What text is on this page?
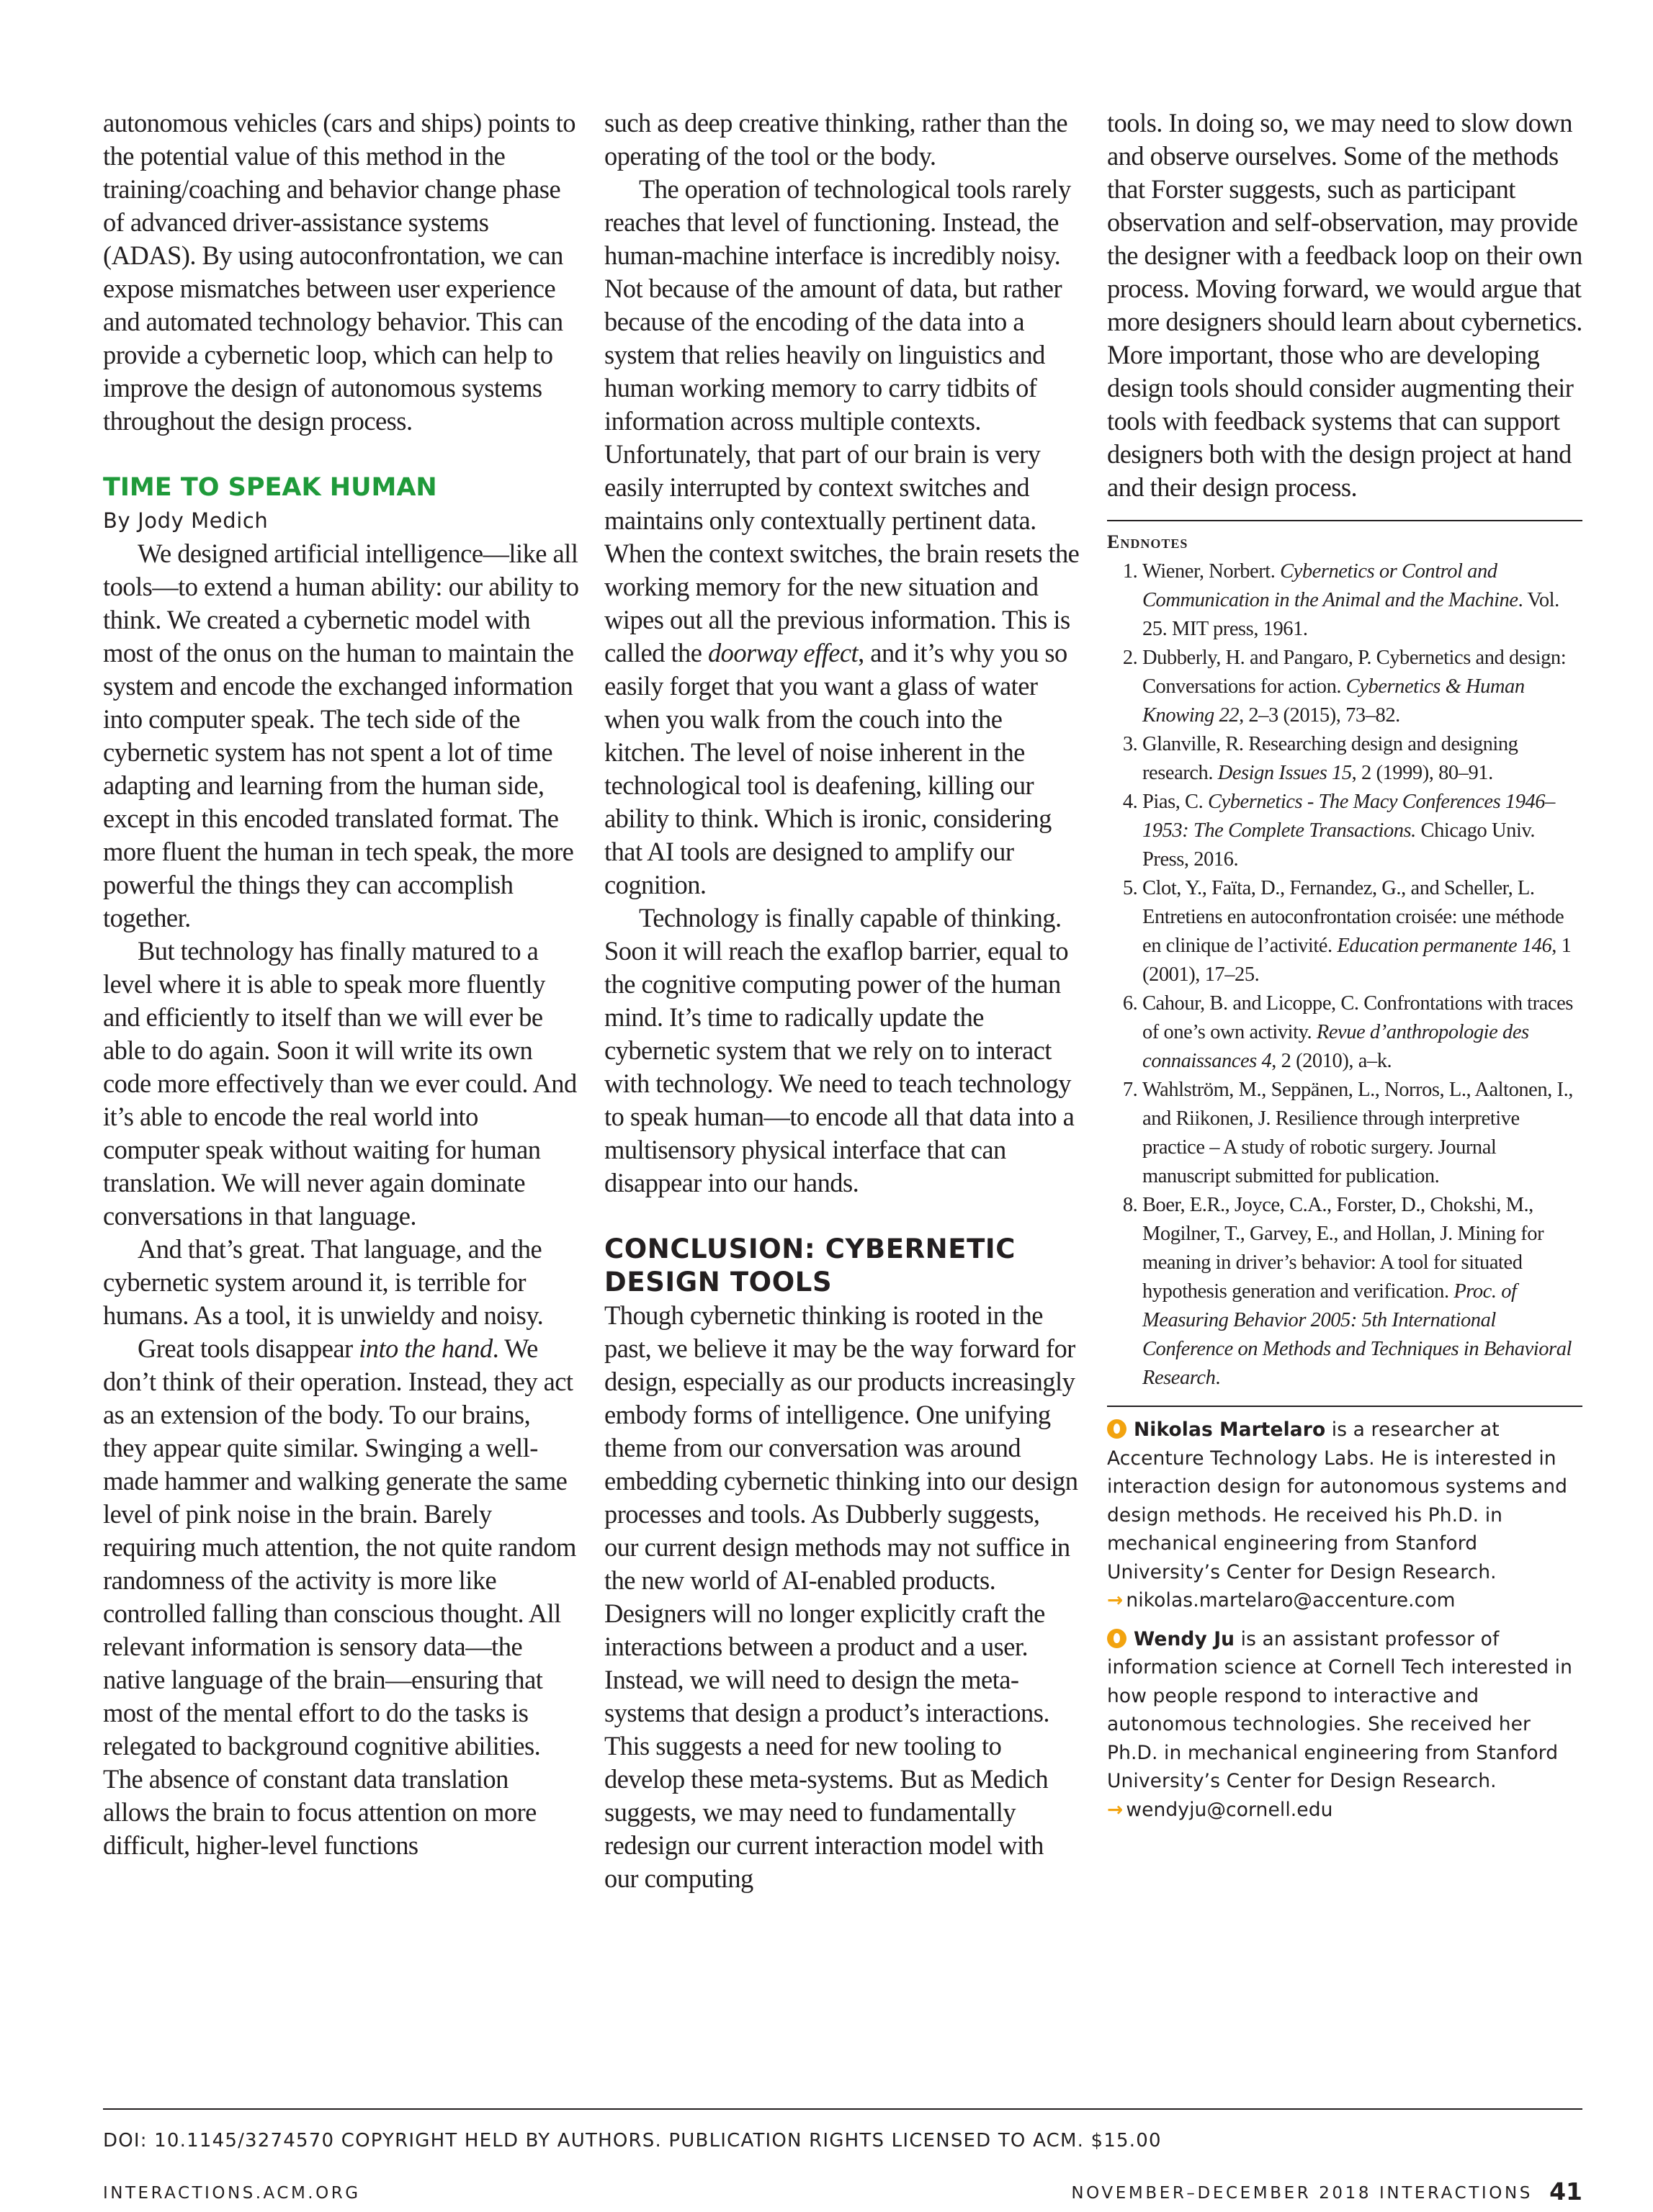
autonomous vehicles (cars and ships) points to the potential value of this method in the training/coaching and behavior change phase of advanced driver-assistance systems (ADAS). By using autoconfrontation, we can expose mismatches between user experience and automated technology behavior. This can provide a cybernetic loop, which can help to improve the design of autonomous systems throughout the design process.

TIME TO SPEAK HUMAN

By Jody Medich

We designed artificial intelligence—like all tools—to extend a human ability: our ability to think. We created a cybernetic model with most of the onus on the human to maintain the system and encode the exchanged information into computer speak. The tech side of the cybernetic system has not spent a lot of time adapting and learning from the human side, except in this encoded translated format. The more fluent the human in tech speak, the more powerful the things they can accomplish together.

But technology has finally matured to a level where it is able to speak more fluently and efficiently to itself than we will ever be able to do again. Soon it will write its own code more effectively than we ever could. And it’s able to encode the real world into computer speak without waiting for human translation. We will never again dominate conversations in that language.

And that’s great. That language, and the cybernetic system around it, is terrible for humans. As a tool, it is unwieldy and noisy.

Great tools disappear into the hand. We don’t think of their operation. Instead, they act as an extension of the body. To our brains, they appear quite similar. Swinging a well-made hammer and walking generate the same level of pink noise in the brain. Barely requiring much attention, the not quite random randomness of the activity is more like controlled falling than conscious thought. All relevant information is sensory data—the native language of the brain—ensuring that most of the mental effort to do the tasks is relegated to background cognitive abilities. The absence of constant data translation allows the brain to focus attention on more difficult, higher-level functions

such as deep creative thinking, rather than the operating of the tool or the body.

The operation of technological tools rarely reaches that level of functioning. Instead, the human-machine interface is incredibly noisy. Not because of the amount of data, but rather because of the encoding of the data into a system that relies heavily on linguistics and human working memory to carry tidbits of information across multiple contexts. Unfortunately, that part of our brain is very easily interrupted by context switches and maintains only contextually pertinent data. When the context switches, the brain resets the working memory for the new situation and wipes out all the previous information. This is called the doorway effect, and it’s why you so easily forget that you want a glass of water when you walk from the couch into the kitchen. The level of noise inherent in the technological tool is deafening, killing our ability to think. Which is ironic, considering that AI tools are designed to amplify our cognition.

Technology is finally capable of thinking. Soon it will reach the exaflop barrier, equal to the cognitive computing power of the human mind. It’s time to radically update the cybernetic system that we rely on to interact with technology. We need to teach technology to speak human—to encode all that data into a multisensory physical interface that can disappear into our hands.

CONCLUSION: CYBERNETIC DESIGN TOOLS

Though cybernetic thinking is rooted in the past, we believe it may be the way forward for design, especially as our products increasingly embody forms of intelligence. One unifying theme from our conversation was around embedding cybernetic thinking into our design processes and tools. As Dubberly suggests, our current design methods may not suffice in the new world of AI-enabled products. Designers will no longer explicitly craft the interactions between a product and a user. Instead, we will need to design the meta-systems that design a product’s interactions. This suggests a need for new tooling to develop these meta-systems. But as Medich suggests, we may need to fundamentally redesign our current interaction model with our computing

tools. In doing so, we may need to slow down and observe ourselves. Some of the methods that Forster suggests, such as participant observation and self-observation, may provide the designer with a feedback loop on their own process. Moving forward, we would argue that more designers should learn about cybernetics. More important, those who are developing design tools should consider augmenting their tools with feedback systems that can support designers both with the design project at hand and their design process.

Endnotes
1. Wiener, Norbert. Cybernetics or Control and Communication in the Animal and the Machine. Vol. 25. MIT press, 1961.
2. Dubberly, H. and Pangaro, P. Cybernetics and design: Conversations for action. Cybernetics & Human Knowing 22, 2–3 (2015), 73–82.
3. Glanville, R. Researching design and designing research. Design Issues 15, 2 (1999), 80–91.
4. Pias, C. Cybernetics - The Macy Conferences 1946–1953: The Complete Transactions. Chicago Univ. Press, 2016.
5. Clot, Y., Faïta, D., Fernandez, G., and Scheller, L. Entretiens en autoconfrontation croisée: une méthode en clinique de l’activité. Education permanente 146, 1 (2001), 17–25.
6. Cahour, B. and Licoppe, C. Confrontations with traces of one’s own activity. Revue d’anthropologie des connaissances 4, 2 (2010), a–k.
7. Wahlström, M., Seppänen, L., Norros, L., Aaltonen, I., and Riikonen, J. Resilience through interpretive practice – A study of robotic surgery. Journal manuscript submitted for publication.
8. Boer, E.R., Joyce, C.A., Forster, D., Chokshi, M., Mogilner, T., Garvey, E., and Hollan, J. Mining for meaning in driver’s behavior: A tool for situated hypothesis generation and verification. Proc. of Measuring Behavior 2005: 5th International Conference on Methods and Techniques in Behavioral Research.

Nikolas Martelaro is a researcher at Accenture Technology Labs. He is interested in interaction design for autonomous systems and design methods. He received his Ph.D. in mechanical engineering from Stanford University’s Center for Design Research.

→ nikolas.martelaro@accenture.com

Wendy Ju is an assistant professor of information science at Cornell Tech interested in how people respond to interactive and autonomous technologies. She received her Ph.D. in mechanical engineering from Stanford University’s Center for Design Research.

→ wendyju@cornell.edu

DOI: 10.1145/3274570 COPYRIGHT HELD BY AUTHORS. PUBLICATION RIGHTS LICENSED TO ACM. $15.00
INTERACTIONS.ACM.ORG	NOVEMBER–DECEMBER 2018 INTERACTIONS 41
